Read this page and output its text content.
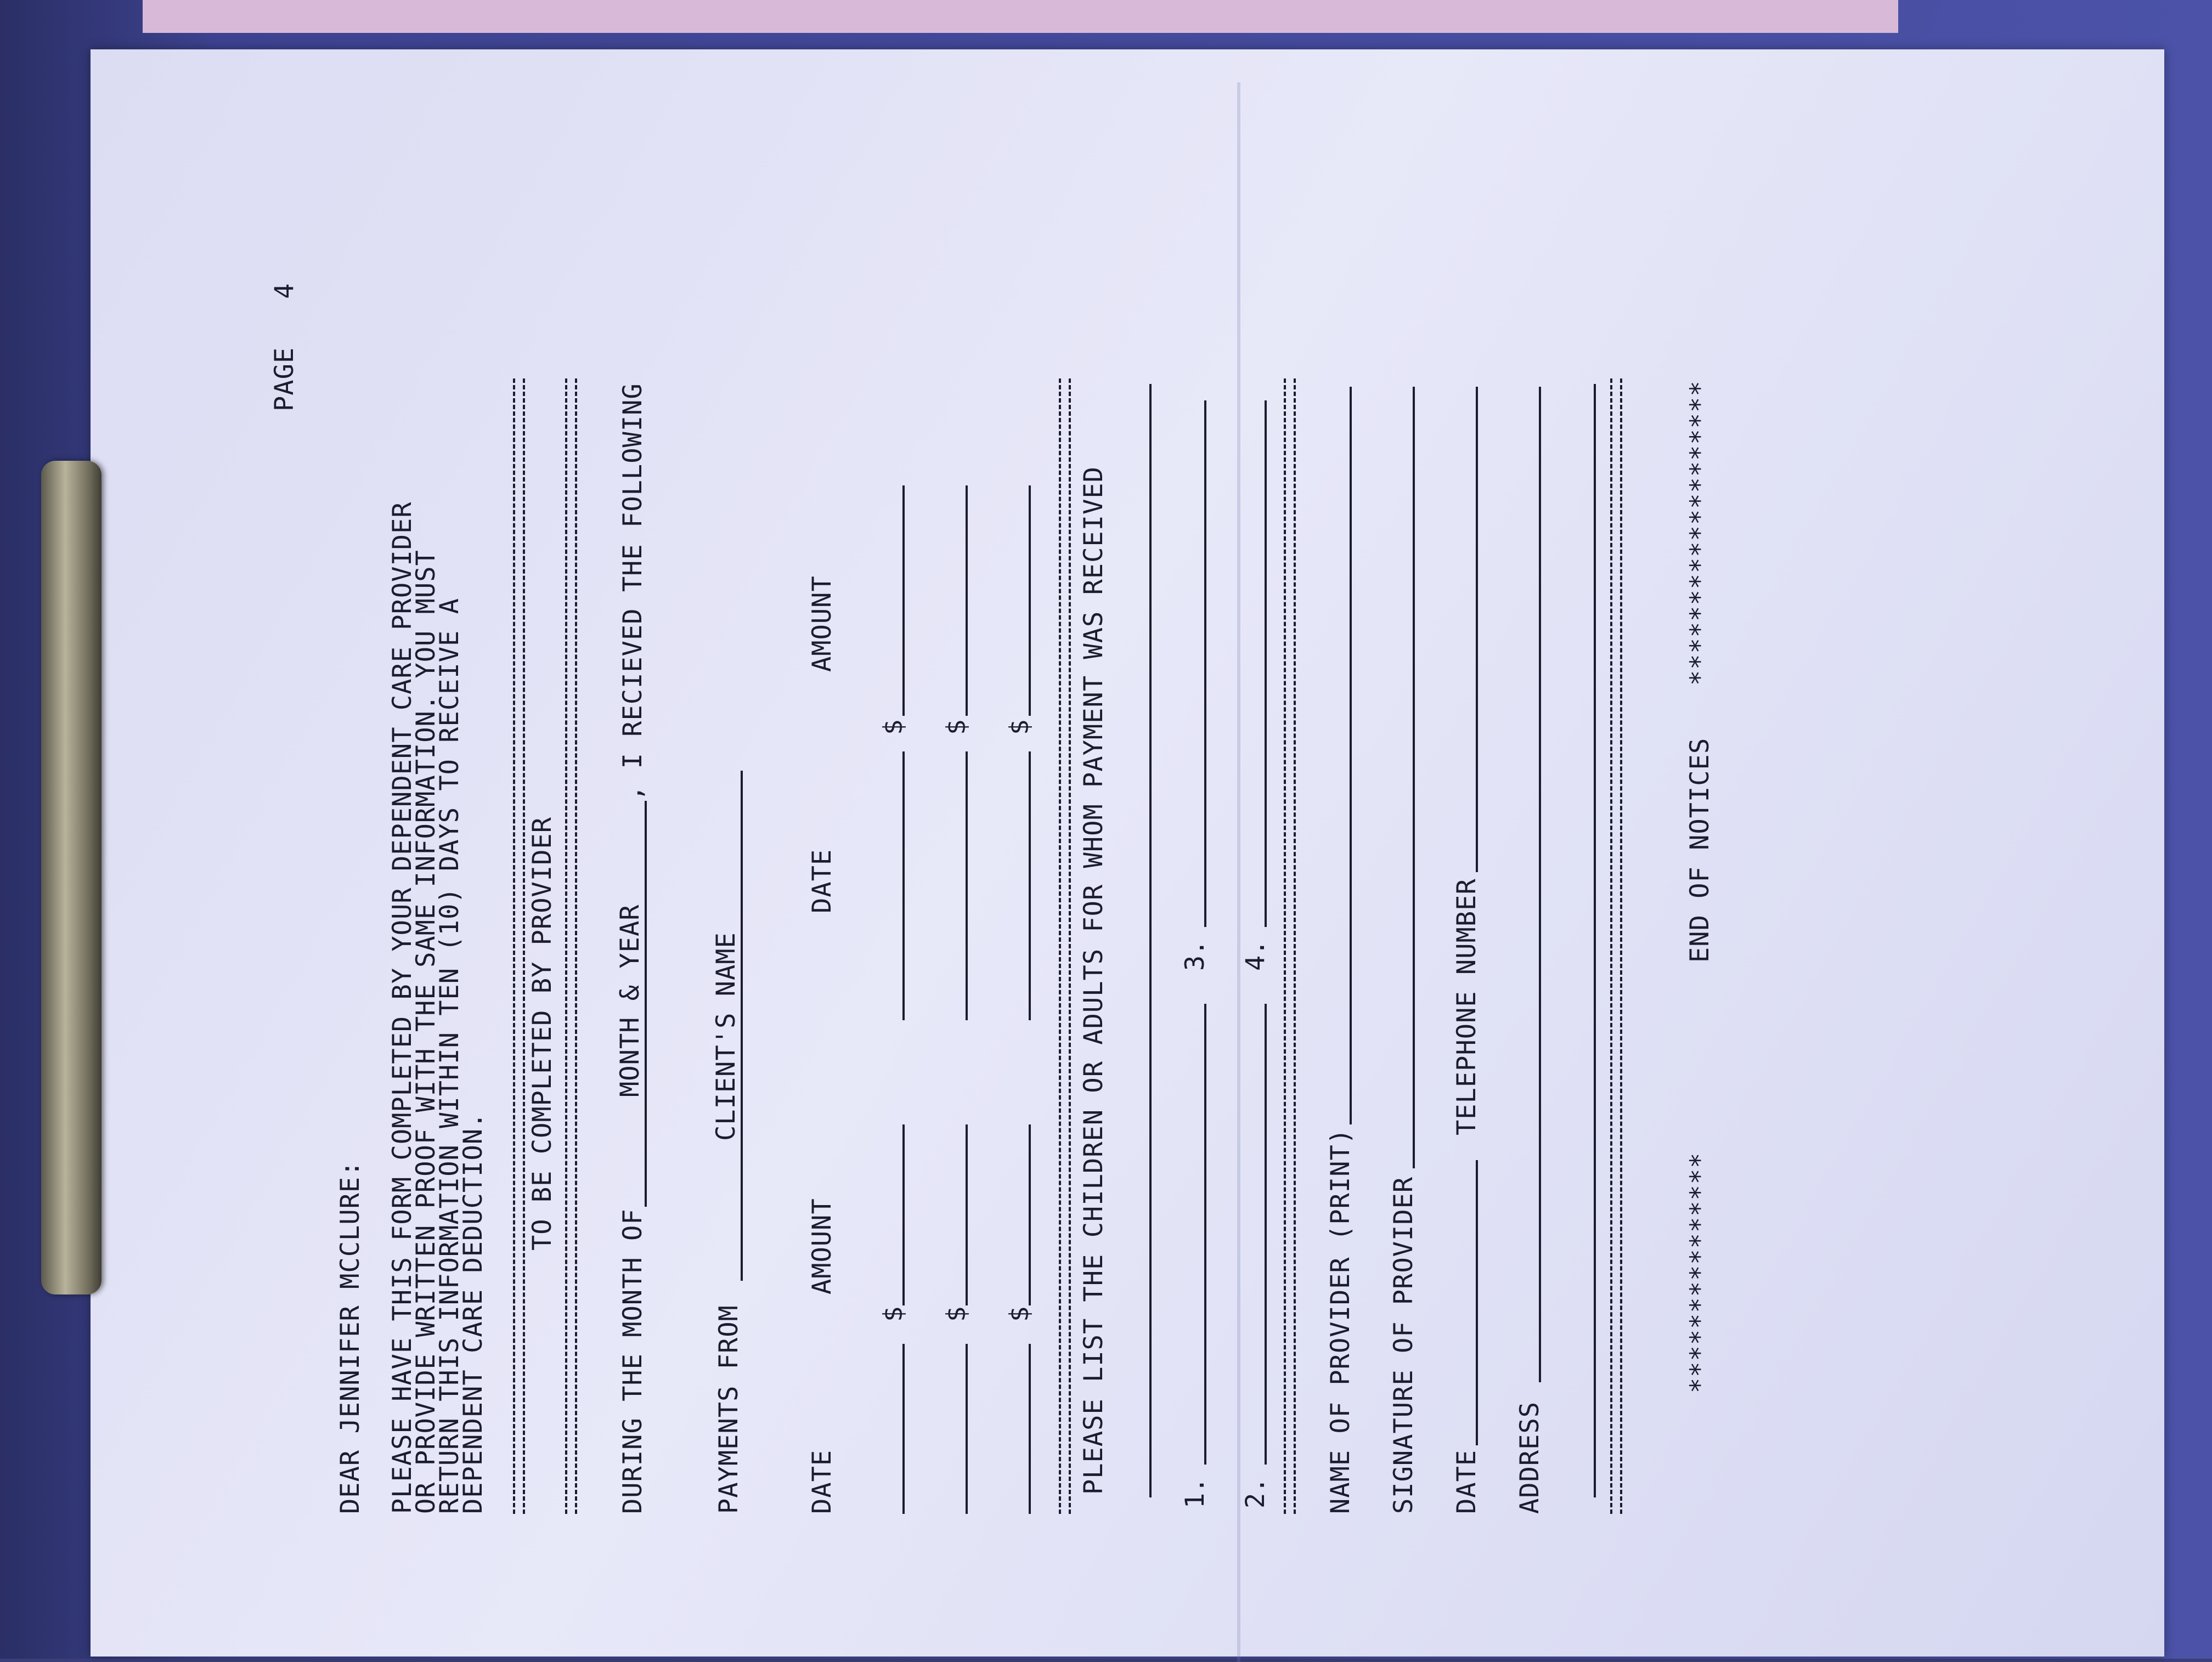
PAGE   4
DEAR JENNIFER MCCLURE: PLEASE HAVE THIS FORM COMPLETED BY YOUR DEPENDENT CARE PROVIDER
OR PROVIDE WRITTEN PROOF WITH THE SAME INFORMATION. YOU MUST
RETURN THIS INFORMATION WITHIN TEN (10) DAYS TO RECEIVE A
DEPENDENT CARE DEDUCTION.
TO BE COMPLETED BY PROVIDER
DURING THE MONTH OF
MONTH & YEAR
, I RECIEVED THE FOLLOWING
PAYMENTS FROM
CLIENT'S NAME
DATE
AMOUNT
DATE
AMOUNT
$
$
$
$
$
$ PLEASE LIST THE CHILDREN OR ADULTS FOR WHOM PAYMENT WAS RECEIVED	1.
3.
2.
4.
NAME OF PROVIDER (PRINT) SIGNATURE OF PROVIDER DATE
TELEPHONE NUMBER
ADDRESS
***************
END OF NOTICES
*******************
